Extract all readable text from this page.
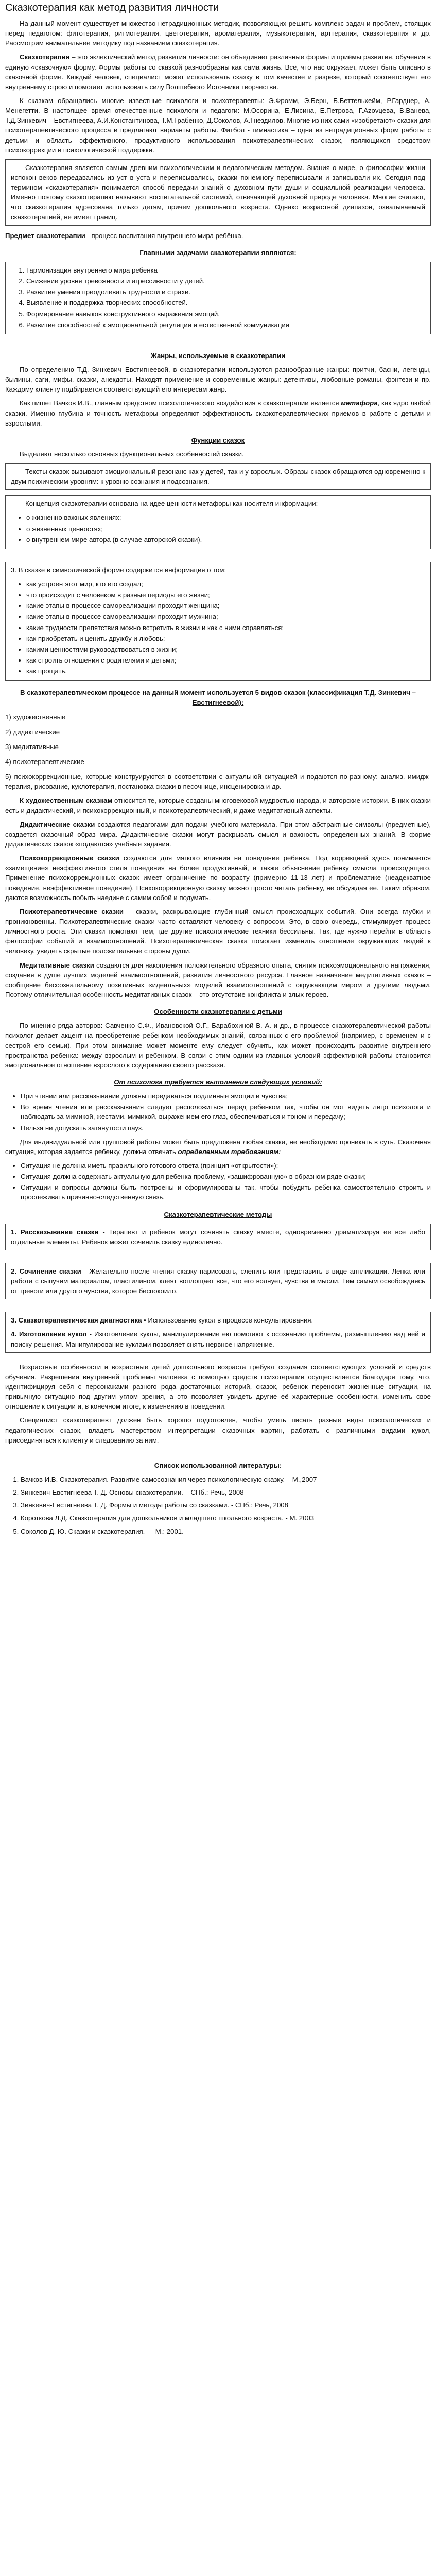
Сказкотерапия как метод развития личности

На данный момент существует множество нетрадиционных методик, позволяющих решить комплекс задач и проблем, стоящих перед педагогом: фитотерапия, ритмотерапия, цветотерапия, ароматерапия, музыкотерапия, арттерапия, сказкотерапия и др. Рассмотрим внимательнее методику под названием сказкотерапия.

Сказкотерапия – это эклектический метод развития личности: он объединяет различные формы и приёмы развития, обучения в единую «сказочную» форму. Формы работы со сказкой разнообразны как сама жизнь. Всё, что нас окружает, может быть описано в сказочной форме. Каждый человек, специалист может использовать сказку в том качестве и разрезе, который соответствует его внутреннему строю и помогает использовать силу Волшебного Источника творчества.

К сказкам обращались многие известные психологи и психотерапевты: Э.Фромм, Э.Берн, Б.Беттельхейм, Р.Гарднер, А. Менегетти. В настоящее время отечественные психологи и педагоги: М.Осорина, Е.Лисина, Е.Петрова, Г.Azovцева, В.Ванева, Т.Д.Зинкевич – Евстигнеева, А.И.Константинова, Т.М.Грабенко, Д.Соколов, А.Гнездилов. Многие из них сами «изобретают» сказки для психотерапевтического процесса и предлагают варианты работы. Фитбол - гимнастика – одна из нетрадиционных форм работы с детьми и область эффективного, продуктивного использования психотерапевтических сказок, являющихся средством психокоррекции и психологической поддержки.

Сказкотерапия является самым древним психологическим и педагогическим методом. Знания о мире, о философии жизни испокон веков передавались из уст в уста и переписывались, сказки понемногу переписывали и записывали их. Сегодня под термином «сказкотерапия» понимается способ передачи знаний о духовном пути души и социальной реализации человека. Именно поэтому сказкотерапию называют воспитательной системой, отвечающей духовной природе человека. Многие считают, что сказкотерапия адресована только детям, причем дошкольного возраста. Однако возрастной диапазон, охватываемый сказкотерапией, не имеет границ.

Предмет сказкотерапии - процесс воспитания внутреннего мира ребёнка.

Главными задачами сказкотерапии являются:
1. Гармонизация внутреннего мира ребенка
2. Снижение уровня тревожности и агрессивности у детей.
3. Развитие умения преодолевать трудности и страхи.
4. Выявление и поддержка творческих способностей.
5. Формирование навыков конструктивного выражения эмоций.
6. Развитие способностей к эмоциональной регуляции и естественной коммуникации
Жанры, используемые в сказкотерапии

По определению Т.Д. Зинкевич–Евстигнеевой, в сказкотерапии используются разнообразные жанры: притчи, басни, легенды, былины, саги, мифы, сказки, анекдоты. Находят применение и современные жанры: детективы, любовные романы, фэнтези и пр. Каждому клиенту подбирается соответствующий его интересам жанр.

Как пишет Вачков И.В., главным средством психологического воздействия в сказкотерапии является метафора, как ядро любой сказки. Именно глубина и точность метафоры определяют эффективность сказкотерапевтических приемов в работе с детьми и взрослыми.

Функции сказок

Выделяют несколько основных функциональных особенностей сказки.

Тексты сказок вызывают эмоциональный резонанс как у детей, так и у взрослых. Образы сказок обращаются одновременно к двум психическим уровням: к уровню сознания и подсознания.

Концепция сказкотерапии основана на идее ценности метафоры как носителя информации:

• о жизненно важных явлениях;
• о жизненных ценностях;
• о внутреннем мире автора (в случае авторской сказки).

3. В сказке в символической форме содержится информация о том:

• как устроен этот мир, кто его создал;
• что происходит с человеком в разные периоды его жизни;
• какие этапы в процессе самореализации проходит женщина;
• какие этапы в процессе самореализации проходит мужчина;
• какие трудности препятствия можно встретить в жизни и как с ними справляться;
• как приобретать и ценить дружбу и любовь;
• какими ценностями руководствоваться в жизни;
• как строить отношения с родителями и детьми;
• как прощать.
В сказкотерапевтическом процессе на данный момент используется 5 видов сказок (классификация Т.Д. Зинкевич – Евстигнеевой):
1) художественные
2) дидактические
3) медитативные
4) психотерапевтические

5) психокоррекционные, которые конструируются в соответствии с актуальной ситуацией и подаются по-разному: анализ, имидж-терапия, рисование, куклотерапия, постановка сказки в песочнице, инсценировка и др.

К художественным сказкам относится те, которые созданы многовековой мудростью народа, и авторские истории. В них сказки есть и дидактический, и психокоррекционный, и психотерапевтический, и даже медитативный аспекты.

Дидактические сказки создаются педагогами для подачи учебного материала. При этом абстрактные символы (предметные), создается сказочный образ мира. Дидактические сказки могут раскрывать смысл и важность определенных знаний. В форме дидактических сказок «подаются» учебные задания.

Психокоррекционные сказки создаются для мягкого влияния на поведение ребенка. Под коррекцией здесь понимается «замещение» неэффективного стиля поведения на более продуктивный, а также объяснение ребенку смысла происходящего. Применение психокоррекционных сказок имеет ограничение по возрасту (примерно 11-13 лет) и проблематике (неадекватное поведение, неэффективное поведение). Психокоррекционную сказку можно просто читать ребенку, не обсуждая ее. Таким образом, даются возможность побыть наедине с самим собой и подумать.

Психотерапевтические сказки – сказки, раскрывающие глубинный смысл происходящих событий. Они всегда глубки и проникновенны. Психотерапевтические сказки часто оставляют человеку с вопросом. Это, в свою очередь, стимулирует процесс личностного роста. Эти сказки помогают тем, где другие психологические техники бессильны. Так, где нужно перейти в область философии событий и взаимоотношений. Психотерапевтическая сказка помогает изменить отношение окружающих людей к человеку, увидеть скрытые положительные стороны души.

Медитативные сказки создаются для накопления положительного образного опыта, снятия психоэмоционального напряжения, создания в душе лучших моделей взаимоотношений, развития личностного ресурса. Главное назначение медитативных сказок – сообщение бессознательному позитивных «идеальных» моделей взаимоотношений с окружающим миром и другими людьми. Поэтому отличительная особенность медитативных сказок – это отсутствие конфликта и злых героев.

Особенности сказкотерапии с детьми

По мнению ряда авторов: Савченко С.Ф., Ивановской О.Г., Барабохиной В. А. и др., в процессе сказкотерапевтической работы психолог делает акцент на преобретение ребенком необходимых знаний, связанных с его проблемой (например, с временем и с сестрой его семьи). При этом внимание может моменте ему следует обучить, как может происходить развитие внутреннего пространства ребенка: между взрослым и ребенком. В связи с этим одним из главных условий эффективной работы становится эмоциональное отношение взрослого к содержанию своего рассказа.

От психолога требуется выполнение следующих условий:
• При чтении или рассказывании должны передаваться подлинные эмоции и чувства;
• Во время чтения или рассказывания следует расположиться перед ребенком так, чтобы он мог видеть лицо психолога и наблюдать за мимикой, жестами, мимикой, выражением его глаз, обеспечиваться и тоном и передачу;
• Нельзя ни допускать затянутости пауз.

Для индивидуальной или групповой работы может быть предложена любая сказка, не необходимо проникать в суть. Сказочная ситуация, которая задается ребенку, должна отвечать определенным требованиям:

• Ситуация не должна иметь правильного готового ответа (принцип «открытости»);
• Ситуация должна содержать актуальную для ребенка проблему, «зашифрованную» в образном ряде сказки;
• Ситуации и вопросы должны быть построены и сформулированы так, чтобы побудить ребенка самостоятельно строить и прослеживать причинно-следственную связь.
Сказкотерапевтические методы

1. Рассказывание сказки - Терапевт и ребенок могут сочинять сказку вместе, одновременно драматизируя ее все либо отдельные элементы. Ребенок может сочинить сказку единолично.

2. Сочинение сказки - Желательно после чтения сказку нарисовать, слепить или представить в виде аппликации. Лепка или работа с сыпучим материалом, пластилином, клеят воплощает все, что его волнует, чувства и мысли. Тем самым освобождаясь от тревоги или другого чувства, которое беспокоило.

3. Сказкотерапевтическая диагностика • Использование кукол в процессе консультирования.

4. Изготовление кукол - Изготовление куклы, манипулирование ею помогают к осознанию проблемы, размышлению над ней и поиску решения. Манипулирование куклами позволяет снять нервное напряжение.

Возрастные особенности и возрастные детей дошкольного возраста требуют создания соответствующих условий и средств обучения. Разрешения внутренней проблемы человека с помощью средств психотерапии осуществляется благодаря тому, что, идентифицируя себя с персонажами разного рода достаточных историй, сказок, ребенок переносит жизненные ситуации, на привычную ситуацию под другим углом зрения, а это позволяет увидеть другие её характерные особенности, изменить свое отношение к ситуации и, в конечном итоге, к изменению в поведении.

Специалист сказкотерапевт должен быть хорошо подготовлен, чтобы уметь писать разные виды психологических и педагогических сказок, владеть мастерством интерпретации сказочных картин, работать с различными видами кукол, присоединяться к клиенту и следованию за ним.

Список использованной литературы:
1. Вачков И.В. Сказкотерапия. Развитие самосознания через психологическую сказку. – М.,2007
2. Зинкевич-Евстигнеева Т. Д. Основы сказкотерапии. – СПб.: Речь, 2008
3. Зинкевич-Евстигнеева Т. Д. Формы и методы работы со сказками. - СПб.: Речь, 2008
4. Короткова Л.Д. Сказкотерапия для дошкольников и младшего школьного возраста. - М. 2003
5. Соколов Д. Ю. Сказки и сказкотерапия. — М.: 2001.
